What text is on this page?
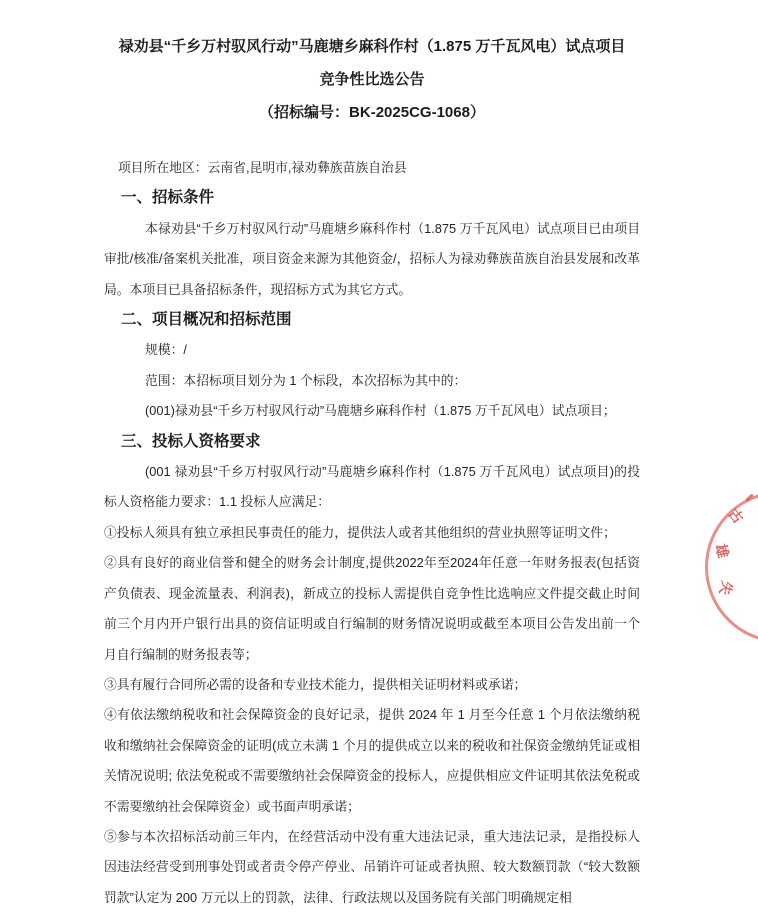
禄劝县“千乡万村驭风行动”马鹿塘乡麻科作村（1.875 万千瓦风电）试点项目
竞争性比选公告
（招标编号：BK-2025CG-1068）
项目所在地区：云南省,昆明市,禄劝彝族苗族自治县
一、招标条件
本禄劝县“千乡万村驭风行动”马鹿塘乡麻科作村（1.875 万千瓦风电）试点项目已由项目审批/核准/备案机关批准，项目资金来源为其他资金/，招标人为禄劝彝族苗族自治县发展和改革局。本项目已具备招标条件，现招标方式为其它方式。
二、项目概况和招标范围
规模：/
范围：本招标项目划分为 1 个标段，本次招标为其中的：
(001)禄劝县“千乡万村驭风行动”马鹿塘乡麻科作村（1.875 万千瓦风电）试点项目；
三、投标人资格要求
(001 禄劝县“千乡万村驭风行动”马鹿塘乡麻科作村（1.875 万千瓦风电）试点项目)的投标人资格能力要求：1.1 投标人应满足：
①投标人须具有独立承担民事责任的能力，提供法人或者其他组织的营业执照等证明文件；
②具有良好的商业信誉和健全的财务会计制度,提供2022年至2024年任意一年财务报表(包括资产负债表、现金流量表、利润表)，新成立的投标人需提供自竞争性比选响应文件提交截止时间前三个月内开户银行出具的资信证明或自行编制的财务情况说明或截至本项目公告发出前一个月自行编制的财务报表等；
③具有履行合同所必需的设备和专业技术能力，提供相关证明材料或承诺；
④有依法缴纳税收和社会保障资金的良好记录，提供 2024 年 1 月至今任意 1 个月依法缴纳税收和缴纳社会保障资金的证明(成立未满 1 个月的提供成立以来的税收和社保资金缴纳凭证或相关情况说明; 依法免税或不需要缴纳社会保障资金的投标人，应提供相应文件证明其依法免税或不需要缴纳社会保障资金）或书面声明承诺；
⑤参与本次招标活动前三年内，在经营活动中没有重大违法记录，重大违法记录，是指投标人因违法经营受到刑事处罚或者责令停产停业、吊销许可证或者执照、较大数额罚款（“较大数额罚款”认定为 200 万元以上的罚款，法律、行政法规以及国务院有关部门明确规定相
古
雄
失
